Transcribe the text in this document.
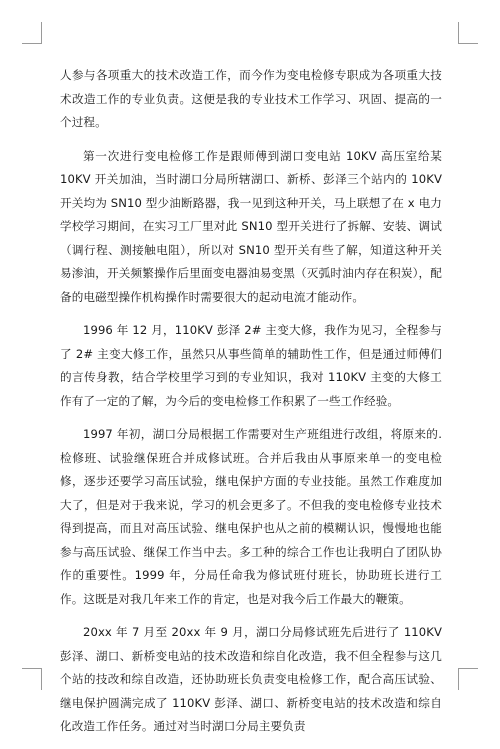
人参与各项重大的技术改造工作，而今作为变电检修专职成为各项重大技术改造工作的专业负责。这便是我的专业技术工作学习、巩固、提高的一个过程。

第一次进行变电检修工作是跟师傅到湖口变电站 10KV 高压室给某 10KV 开关加油，当时湖口分局所辖湖口、新桥、彭泽三个站内的 10KV 开关均为 SN10 型少油断路器，我一见到这种开关，马上联想了在 x 电力学校学习期间，在实习工厂里对此 SN10 型开关进行了拆解、安装、调试（调行程、测接触电阻），所以对 SN10 型开关有些了解，知道这种开关易渗油，开关频繁操作后里面变电器油易变黑（灭弧时油内存在积炭），配备的电磁型操作机构操作时需要很大的起动电流才能动作。

1996 年 12 月，110KV 彭泽 2# 主变大修，我作为见习，全程参与了 2# 主变大修工作，虽然只从事些简单的辅助性工作，但是通过师傅们的言传身教，结合学校里学习到的专业知识，我对 110KV 主变的大修工作有了一定的了解，为今后的变电检修工作积累了一些工作经验。

1997 年初，湖口分局根据工作需要对生产班组进行改组，将原来的.检修班、试验继保班合并成修试班。合并后我由从事原来单一的变电检修，逐步还要学习高压试验，继电保护方面的专业技能。虽然工作难度加大了，但是对于我来说，学习的机会更多了。不但我的变电检修专业技术得到提高，而且对高压试验、继电保护也从之前的模糊认识，慢慢地也能参与高压试验、继保工作当中去。多工种的综合工作也让我明白了团队协作的重要性。1999 年，分局任命我为修试班付班长，协助班长进行工作。这既是对我几年来工作的肯定，也是对我今后工作最大的鞭策。

20xx 年 7 月至 20xx 年 9 月，湖口分局修试班先后进行了 110KV 彭泽、湖口、新桥变电站的技术改造和综自化改造，我不但全程参与这几个站的技改和综自改造，还协助班长负责变电检修工作，配合高压试验、继电保护圆满完成了 110KV 彭泽、湖口、新桥变电站的技术改造和综自化改造工作任务。通过对当时湖口分局主要负责
